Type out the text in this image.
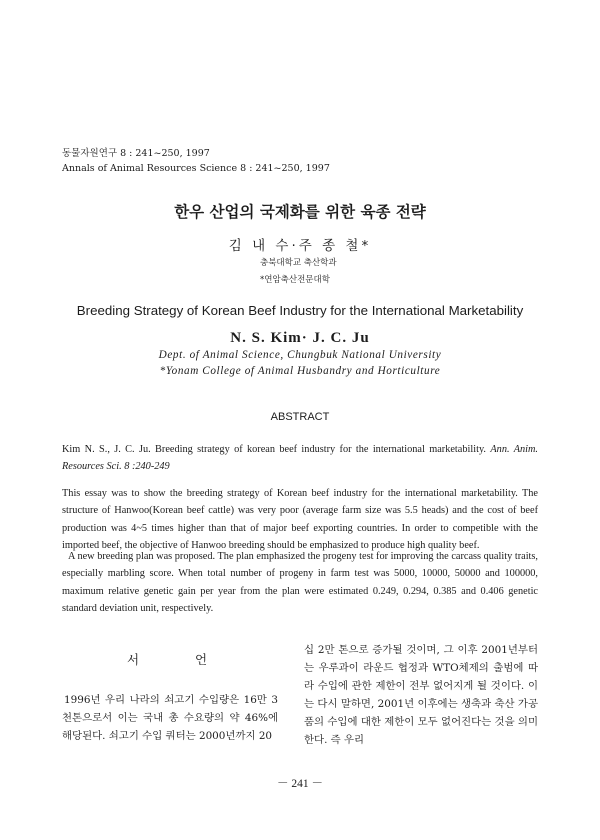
동물자원연구 8 : 241~250, 1997
Annals of Animal Resources Science 8 : 241~250, 1997
한우 산업의 국제화를 위한 육종 전략
김 내 수·주 종 철*
충북대학교 축산학과
*연암축산전문대학
Breeding Strategy of Korean Beef Industry for the International Marketability
N. S. Kim· J. C. Ju
Dept. of Animal Science, Chungbuk National University
*Yonam College of Animal Husbandry and Horticulture
ABSTRACT
Kim N. S., J. C. Ju. Breeding strategy of korean beef industry for the international marketability. Ann. Anim. Resources Sci. 8 :240-249
This essay was to show the breeding strategy of Korean beef industry for the international marketability. The structure of Hanwoo(Korean beef cattle) was very poor (average farm size was 5.5 heads) and the cost of beef production was 4~5 times higher than that of major beef exporting countries. In order to competible with the imported beef, the objective of Hanwoo breeding should be emphasized to produce high quality beef.
A new breeding plan was proposed. The plan emphasized the progeny test for improving the carcass quality traits, especially marbling score. When total number of progeny in farm test was 5000, 10000, 50000 and 100000, maximum relative genetic gain per year from the plan were estimated 0.249, 0.294, 0.385 and 0.406 genetic standard deviation unit, respectively.
서 언
1996년 우리 나라의 쇠고기 수입량은 16만 3천톤으로서 이는 국내 총 수요량의 약 46%에 해당된다. 쇠고기 수입 쿼터는 2000년까지 20
십 2만 톤으로 증가될 것이며, 그 이후 2001년부터는 우루과이 라운드 협정과 WTO체제의 출범에 따라 수입에 관한 제한이 전부 없어지게 될 것이다. 이는 다시 말하면, 2001년 이후에는 생축과 축산 가공품의 수입에 대한 제한이 모두 없어진다는 것을 의미한다. 즉 우리
－ 241 －
